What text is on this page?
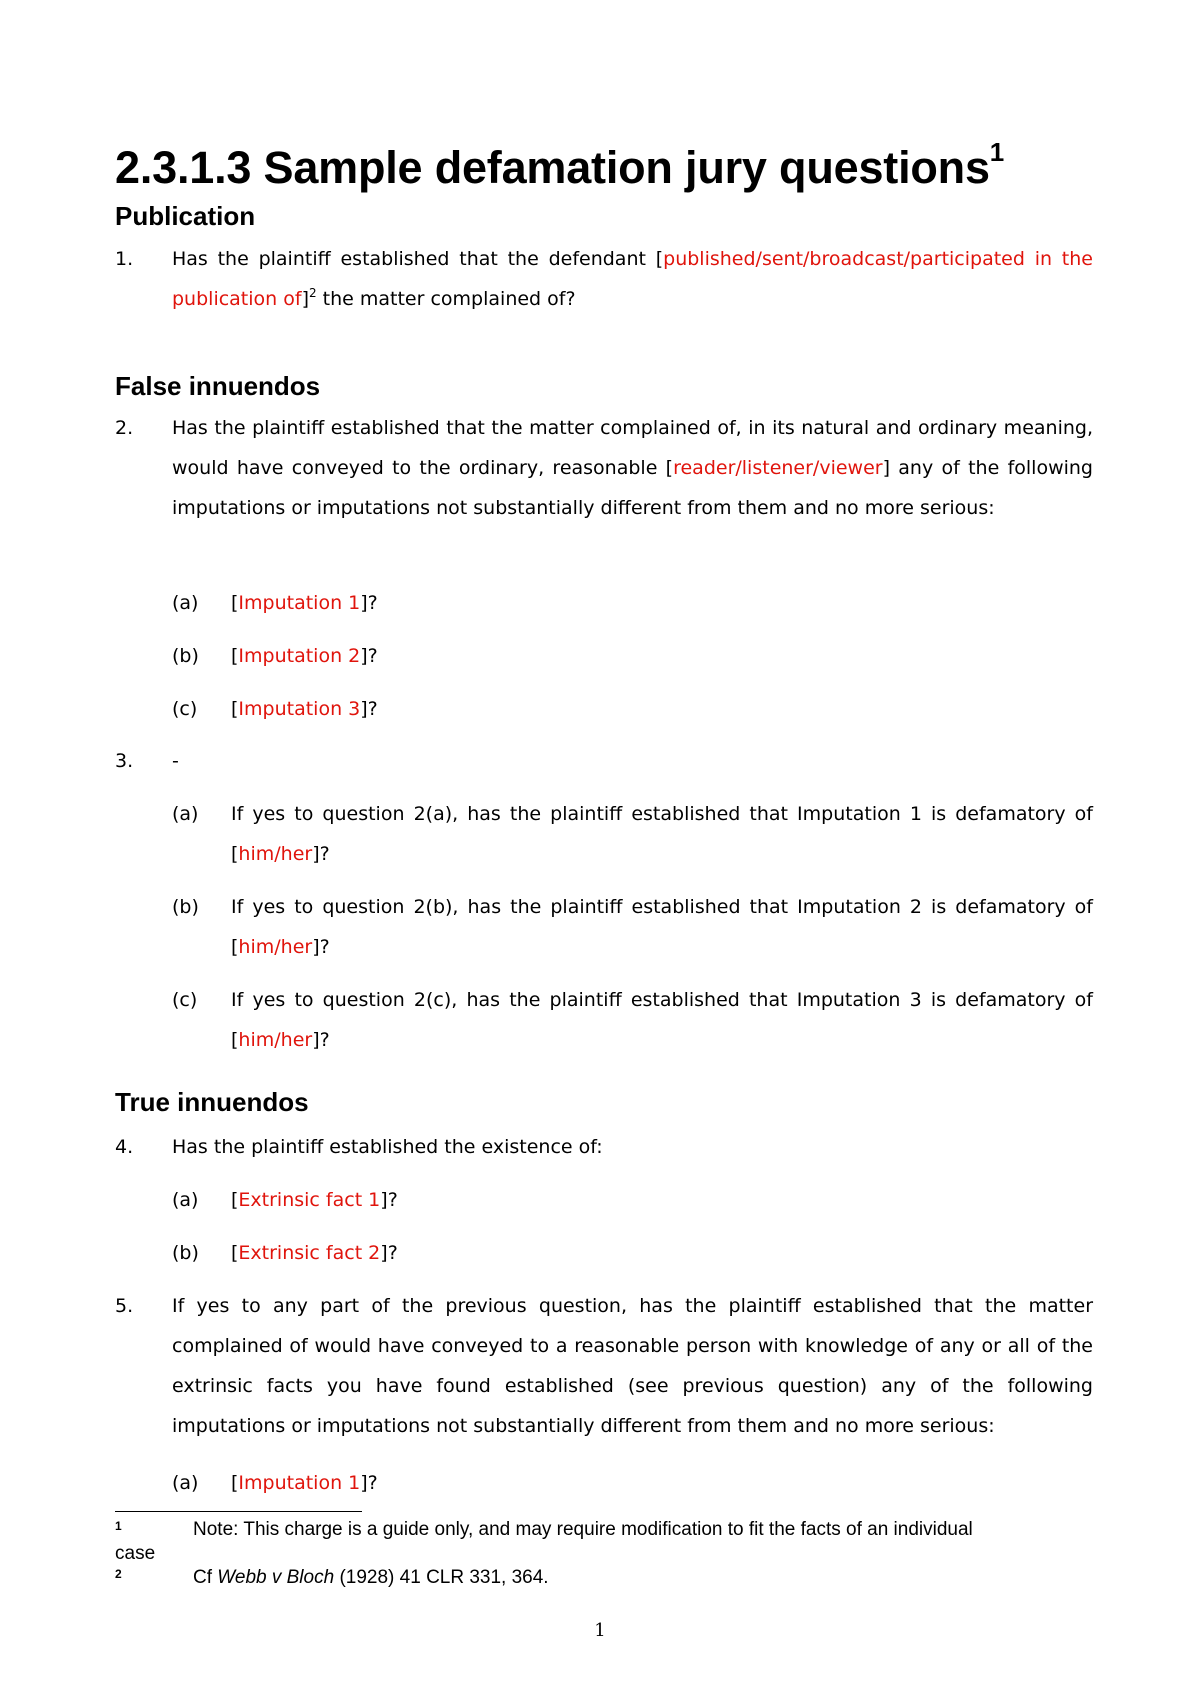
2.3.1.3 Sample defamation jury questions$^1$
Publication
1. Has the plaintiff established that the defendant [published/sent/broadcast/participated in the publication of]$^2$ the matter complained of?
False innuendos
2. Has the plaintiff established that the matter complained of, in its natural and ordinary meaning, would have conveyed to the ordinary, reasonable [reader/listener/viewer] any of the following imputations or imputations not substantially different from them and no more serious:
(a) [Imputation 1]?
(b) [Imputation 2]?
(c) [Imputation 3]?
3. -
(a) If yes to question 2(a), has the plaintiff established that Imputation 1 is defamatory of [him/her]?
(b) If yes to question 2(b), has the plaintiff established that Imputation 2 is defamatory of [him/her]?
(c) If yes to question 2(c), has the plaintiff established that Imputation 3 is defamatory of [him/her]?
True innuendos
4. Has the plaintiff established the existence of:
(a) [Extrinsic fact 1]?
(b) [Extrinsic fact 2]?
5. If yes to any part of the previous question, has the plaintiff established that the matter complained of would have conveyed to a reasonable person with knowledge of any or all of the extrinsic facts you have found established (see previous question) any of the following imputations or imputations not substantially different from them and no more serious:
(a) [Imputation 1]?
1	Note: This charge is a guide only, and may require modification to fit the facts of an individual case
2	Cf Webb v Bloch (1928) 41 CLR 331, 364.
1
